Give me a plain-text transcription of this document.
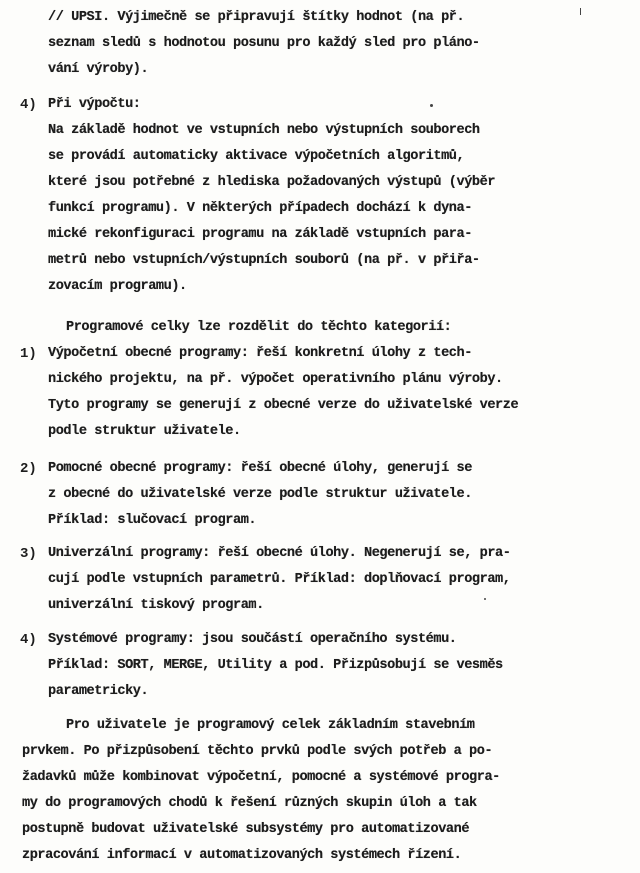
// UPSI. Výjimečně se připravují štítky hodnot (na př.
seznam sledů s hodnotou posunu pro každý sled pro pláno-
vání výroby).
4) Při výpočtu:
Na základě hodnot ve vstupních nebo výstupních souborech
se provádí automaticky aktivace výpočetních algoritmů,
které jsou potřebné z hlediska požadovaných výstupů (výběr
funkcí programu). V některých případech dochází k dyna-
mické rekonfiguraci programu na základě vstupních para-
metrů nebo vstupních/výstupních souborů (na př. v přiřa-
zovacím programu).
Programové celky lze rozdělit do těchto kategorií:
1) Výpočetní obecné programy: řeší konkretní úlohy z tech-
nického projektu, na př. výpočet operativního plánu výroby.
Tyto programy se generují z obecné verze do uživatelské verze
podle struktur uživatele.
2) Pomocné obecné programy: řeší obecné úlohy, generují se
z obecné do uživatelské verze podle struktur uživatele.
Příklad: slučovací program.
3) Univerzální programy: řeší obecné úlohy. Negenerují se, pra-
cují podle vstupních parametrů. Příklad: doplňovací program,
univerzální tiskový program.
4) Systémové programy: jsou součástí operačního systému.
Příklad: SORT, MERGE, Utility a pod. Přizpůsobují se vesměs
parametricky.
Pro uživatele je programový celek základním stavebním
prvkem. Po přizpůsobení těchto prvků podle svých potřeb a po-
žadavků může kombinovat výpočetní, pomocné a systémové progra-
my do programových chodů k řešení různých skupin úloh a tak
postupně budovat uživatelské subsystémy pro automatizované
zpracování informací v automatizovaných systémech řízení.
